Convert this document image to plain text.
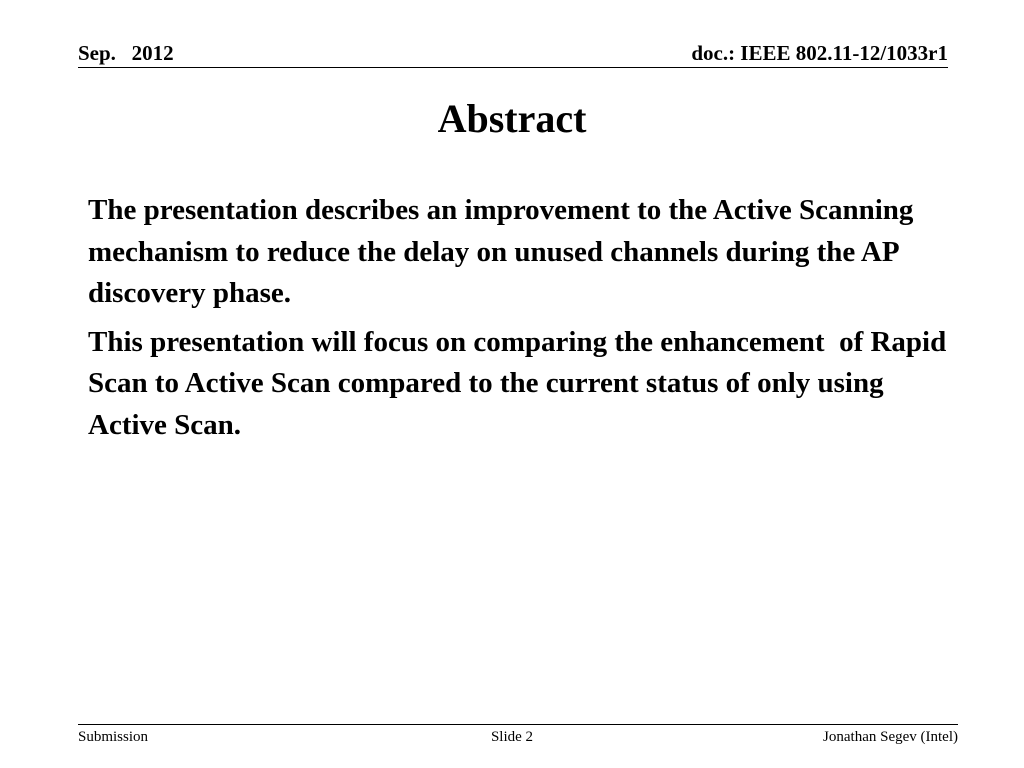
Sep.   2012	doc.: IEEE 802.11-12/1033r1
Abstract

The presentation describes an improvement to the Active Scanning mechanism to reduce the delay on unused channels during the AP discovery phase.

This presentation will focus on comparing the enhancement  of Rapid Scan to Active Scan compared to the current status of only using Active Scan.

Submission	Slide 2	Jonathan Segev (Intel)
